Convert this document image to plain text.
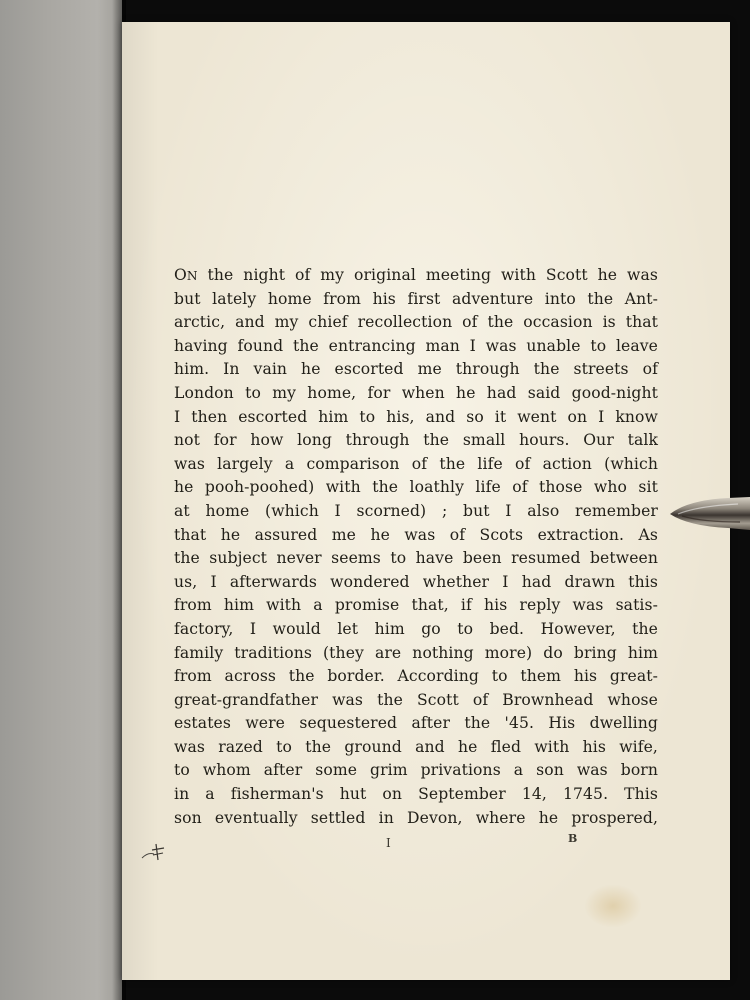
ON the night of my original meeting with Scott he was
but lately home from his first adventure into the Ant-
arctic, and my chief recollection of the occasion is that
having found the entrancing man I was unable to leave
him. In vain he escorted me through the streets of
London to my home, for when he had said good-night
I then escorted him to his, and so it went on I know
not for how long through the small hours. Our talk
was largely a comparison of the life of action (which
he pooh-poohed) with the loathly life of those who sit
at home (which I scorned) ; but I also remember
that he assured me he was of Scots extraction. As
the subject never seems to have been resumed between
us, I afterwards wondered whether I had drawn this
from him with a promise that, if his reply was satis-
factory, I would let him go to bed. However, the
family traditions (they are nothing more) do bring him
from across the border. According to them his great-
great-grandfather was the Scott of Brownhead whose
estates were sequestered after the '45. His dwelling
was razed to the ground and he fled with his wife,
to whom after some grim privations a son was born
in a fisherman's hut on September 14, 1745. This
son eventually settled in Devon, where he prospered,
I	B
